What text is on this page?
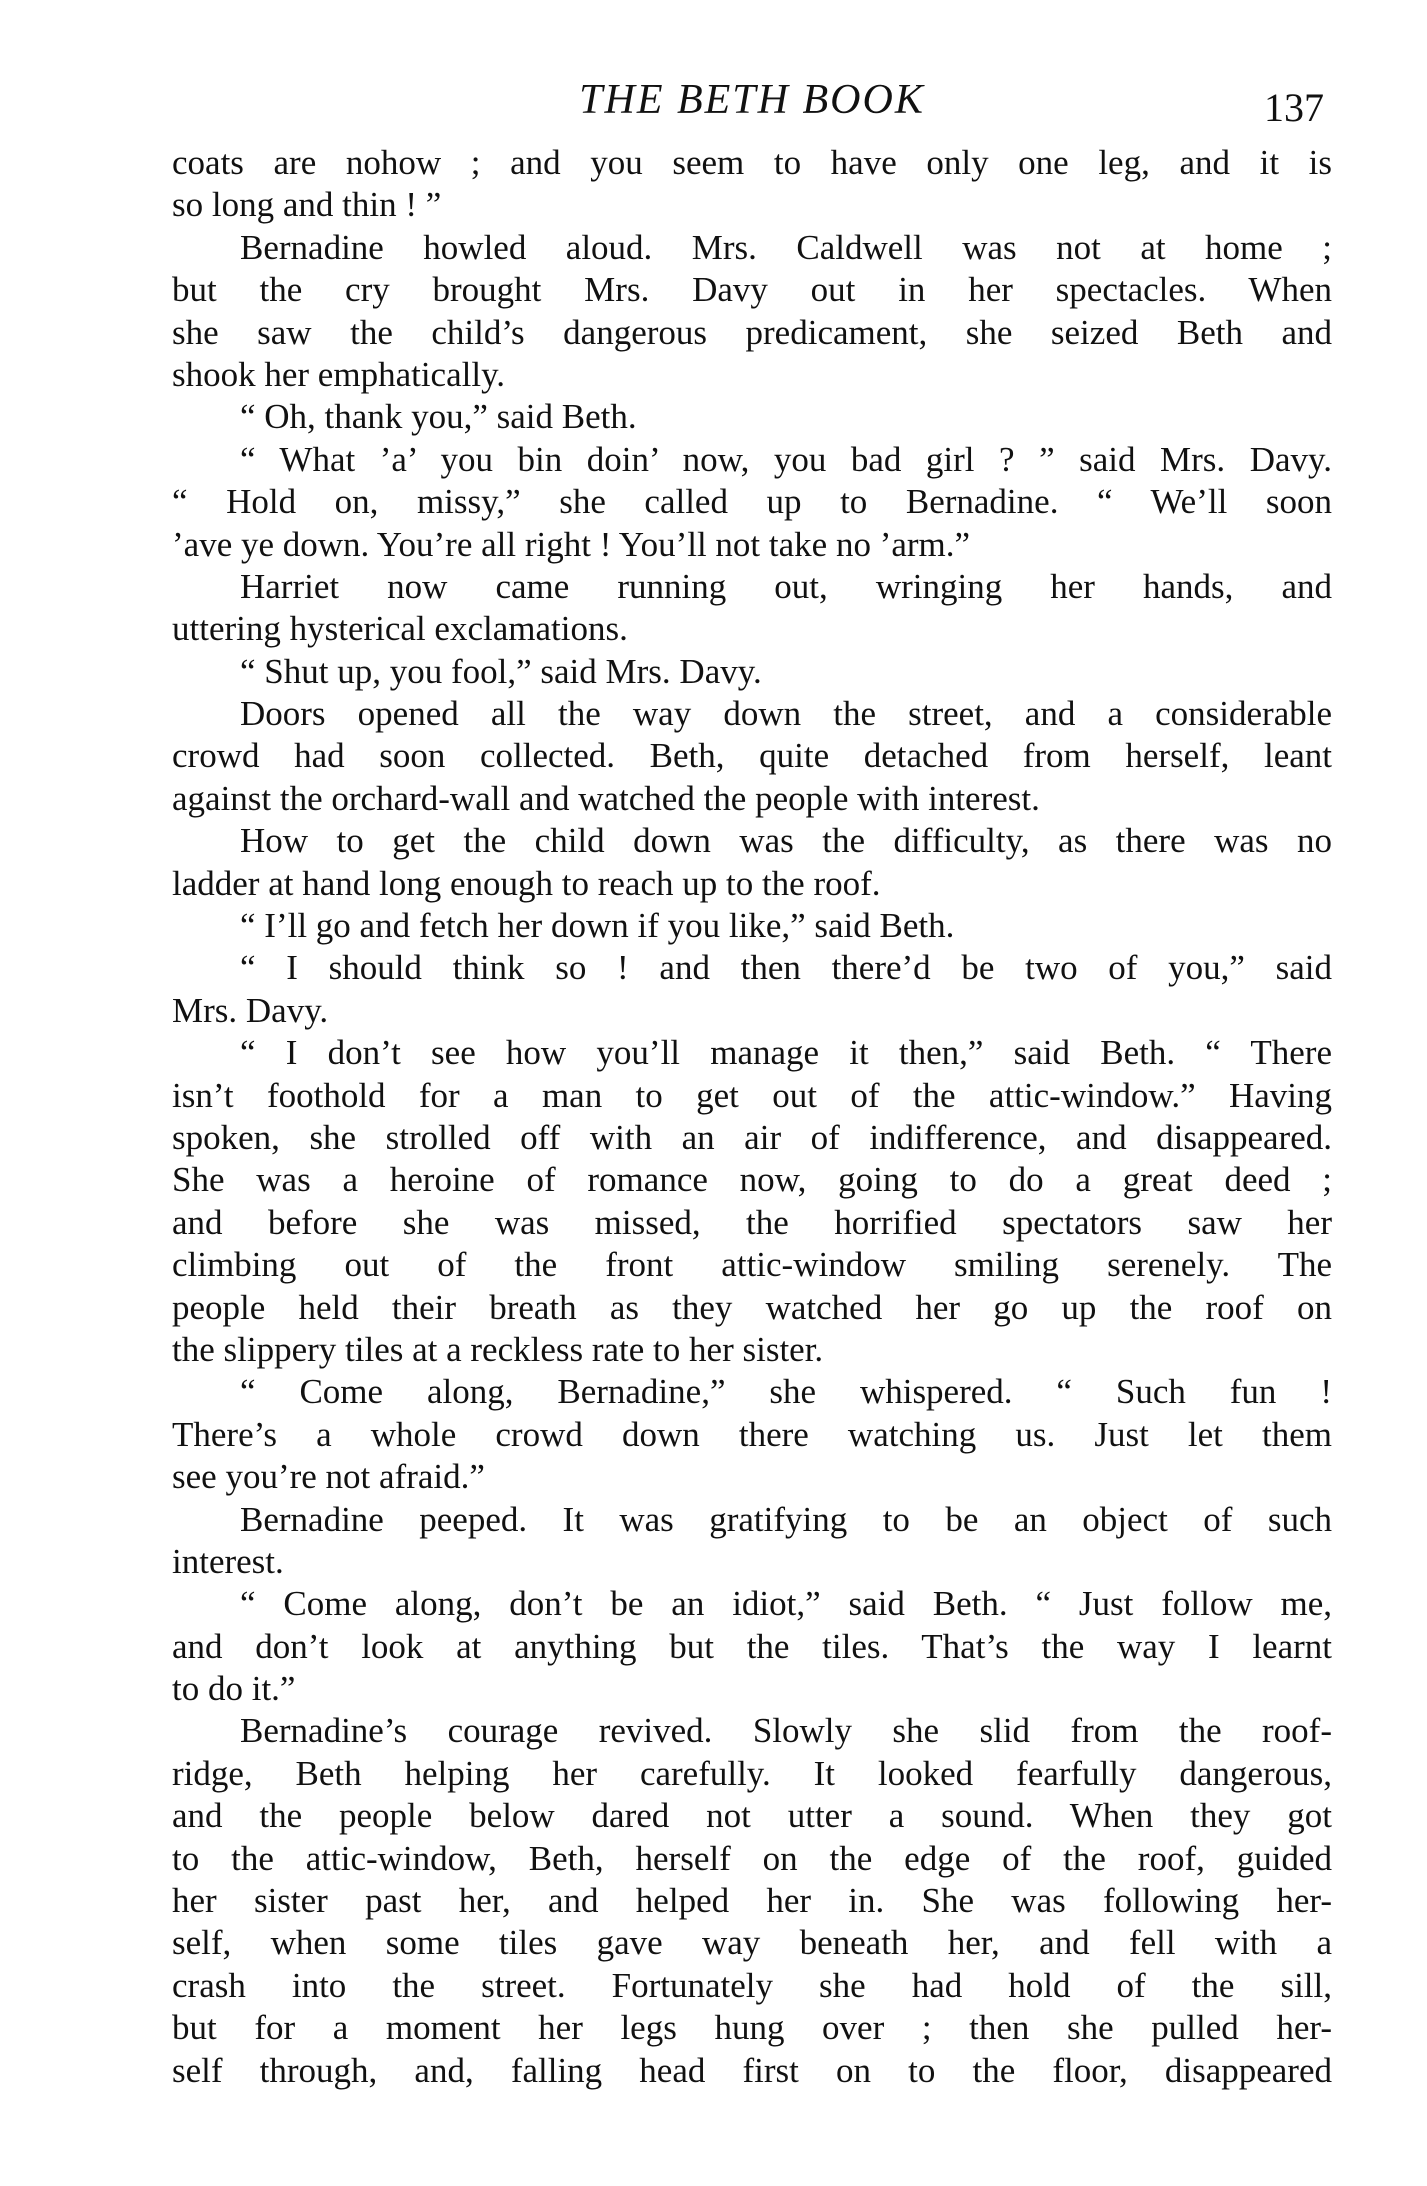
THE BETH BOOK	137
coats are nohow ; and you seem to have only one leg, and it is
so long and thin ! ”
Bernadine howled aloud. Mrs. Caldwell was not at home ;
but the cry brought Mrs. Davy out in her spectacles. When
she saw the child’s dangerous predicament, she seized Beth and
shook her emphatically.
“ Oh, thank you,” said Beth.
“ What ’a’ you bin doin’ now, you bad girl ? ” said Mrs. Davy.
“ Hold on, missy,” she called up to Bernadine. “ We’ll soon
’ave ye down. You’re all right ! You’ll not take no ’arm.”
Harriet now came running out, wringing her hands, and
uttering hysterical exclamations.
“ Shut up, you fool,” said Mrs. Davy.
Doors opened all the way down the street, and a considerable
crowd had soon collected. Beth, quite detached from herself, leant
against the orchard-wall and watched the people with interest.
How to get the child down was the difficulty, as there was no
ladder at hand long enough to reach up to the roof.
“ I’ll go and fetch her down if you like,” said Beth.
“ I should think so ! and then there’d be two of you,” said
Mrs. Davy.
“ I don’t see how you’ll manage it then,” said Beth. “ There
isn’t foothold for a man to get out of the attic-window.” Having
spoken, she strolled off with an air of indifference, and disappeared.
She was a heroine of romance now, going to do a great deed ;
and before she was missed, the horrified spectators saw her
climbing out of the front attic-window smiling serenely. The
people held their breath as they watched her go up the roof on
the slippery tiles at a reckless rate to her sister.
“ Come along, Bernadine,” she whispered. “ Such fun !
There’s a whole crowd down there watching us. Just let them
see you’re not afraid.”
Bernadine peeped. It was gratifying to be an object of such
interest.
“ Come along, don’t be an idiot,” said Beth. “ Just follow me,
and don’t look at anything but the tiles. That’s the way I learnt
to do it.”
Bernadine’s courage revived. Slowly she slid from the roof-
ridge, Beth helping her carefully. It looked fearfully dangerous,
and the people below dared not utter a sound. When they got
to the attic-window, Beth, herself on the edge of the roof, guided
her sister past her, and helped her in. She was following her-
self, when some tiles gave way beneath her, and fell with a
crash into the street. Fortunately she had hold of the sill,
but for a moment her legs hung over ; then she pulled her-
self through, and, falling head first on to the floor, disappeared
